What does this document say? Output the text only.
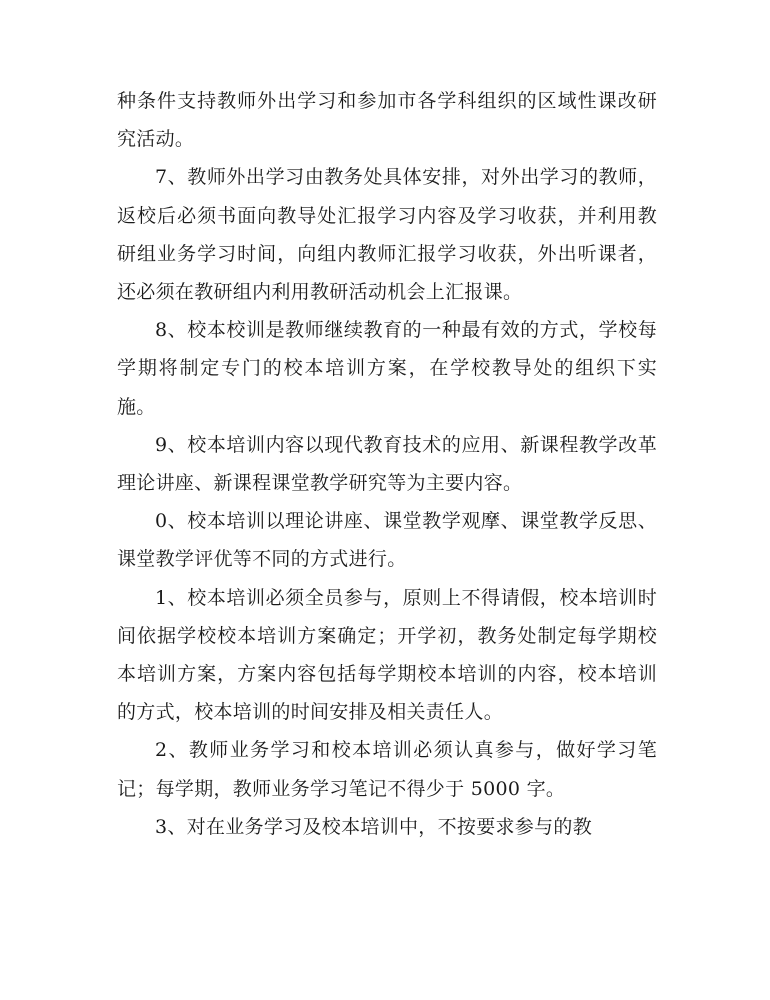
种条件支持教师外出学习和参加市各学科组织的区域性课改研究活动。

7、教师外出学习由教务处具体安排，对外出学习的教师，返校后必须书面向教导处汇报学习内容及学习收获，并利用教研组业务学习时间，向组内教师汇报学习收获，外出听课者，还必须在教研组内利用教研活动机会上汇报课。

8、校本校训是教师继续教育的一种最有效的方式，学校每学期将制定专门的校本培训方案，在学校教导处的组织下实施。

9、校本培训内容以现代教育技术的应用、新课程教学改革理论讲座、新课程课堂教学研究等为主要内容。

0、校本培训以理论讲座、课堂教学观摩、课堂教学反思、课堂教学评优等不同的方式进行。

1、校本培训必须全员参与，原则上不得请假，校本培训时间依据学校校本培训方案确定；开学初，教务处制定每学期校本培训方案，方案内容包括每学期校本培训的内容，校本培训的方式，校本培训的时间安排及相关责任人。

2、教师业务学习和校本培训必须认真参与，做好学习笔记；每学期，教师业务学习笔记不得少于 5000 字。

3、对在业务学习及校本培训中，不按要求参与的教
